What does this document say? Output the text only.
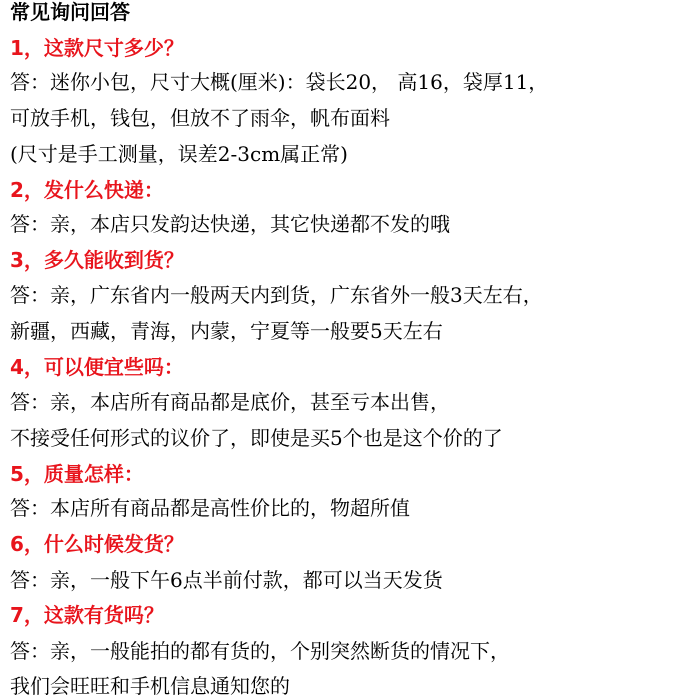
常见询问回答
1，这款尺寸多少？
答：迷你小包，尺寸大概(厘米)：袋长20， 高16，袋厚11，
可放手机，钱包，但放不了雨伞，帆布面料
(尺寸是手工测量，误差2-3cm属正常)
2，发什么快递：
答：亲，本店只发韵达快递，其它快递都不发的哦
3，多久能收到货？
答：亲，广东省内一般两天内到货，广东省外一般3天左右，
新疆，西藏，青海，内蒙，宁夏等一般要5天左右
4，可以便宜些吗：
答：亲，本店所有商品都是底价，甚至亏本出售，
不接受任何形式的议价了，即使是买5个也是这个价的了
5，质量怎样：
答：本店所有商品都是高性价比的，物超所值
6，什么时候发货？
答：亲，一般下午6点半前付款，都可以当天发货
7，这款有货吗？
答：亲，一般能拍的都有货的，个别突然断货的情况下，
我们会旺旺和手机信息通知您的
